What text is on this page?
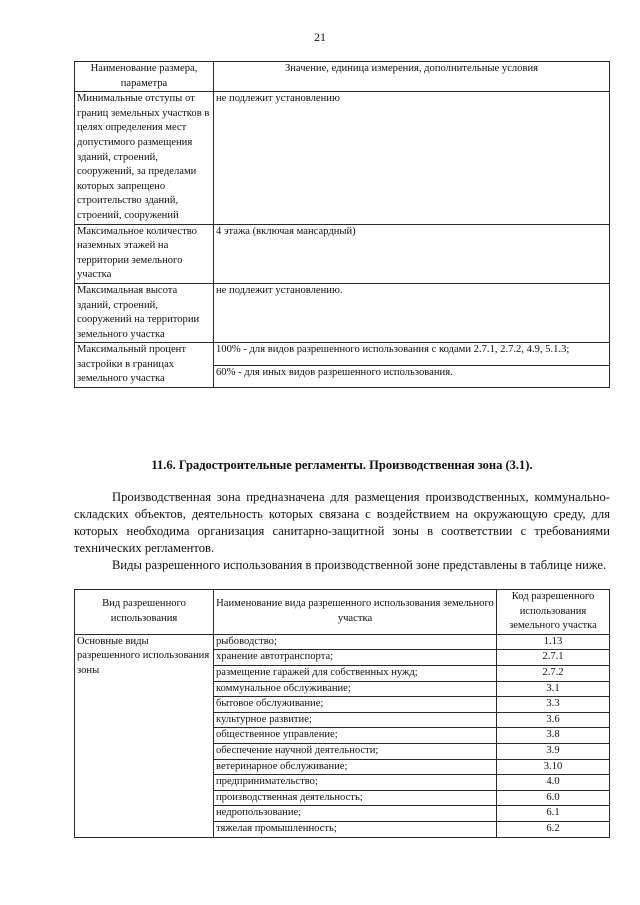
21
Наименование размера, параметра	Значение, единица измерения, дополнительные условия
Минимальные отступы от границ земельных участков в целях определения мест допустимого размещения зданий, строений, сооружений, за пределами которых запрещено строительство зданий, строений, сооружений	не подлежит установлению
Максимальное количество наземных этажей на территории земельного участка	4 этажа (включая мансардный)
Максимальная высота зданий, строений, сооружений на территории земельного участка	не подлежит установлению.
Максимальный процент застройки в границах земельного участка	100% - для видов разрешенного использования с кодами 2.7.1, 2.7.2, 4.9, 5.1.3;
	60% - для иных видов разрешенного использования.
11.6. Градостроительные регламенты. Производственная зона (3.1).

Производственная зона предназначена для размещения производственных, коммунально-складских объектов, деятельность которых связана с воздействием на окружающую среду, для которых необходима организация санитарно-защитной зоны в соответствии с требованиями технических регламентов.

Виды разрешенного использования в производственной зоне представлены в таблице ниже.

Вид разрешенного использования	Наименование вида разрешенного использования земельного участка	Код разрешенного использования земельного участка
Основные виды разрешенного использования зоны	рыбоводство;	1.13
	хранение автотранспорта;	2.7.1
	размещение гаражей для собственных нужд;	2.7.2
	коммунальное обслуживание;	3.1
	бытовое обслуживание;	3.3
	культурное развитие;	3.6
	общественное управление;	3.8
	обеспечение научной деятельности;	3.9
	ветеринарное обслуживание;	3.10
	предпринимательство;	4.0
	производственная деятельность;	6.0
	недропользование;	6.1
	тяжелая промышленность;	6.2
